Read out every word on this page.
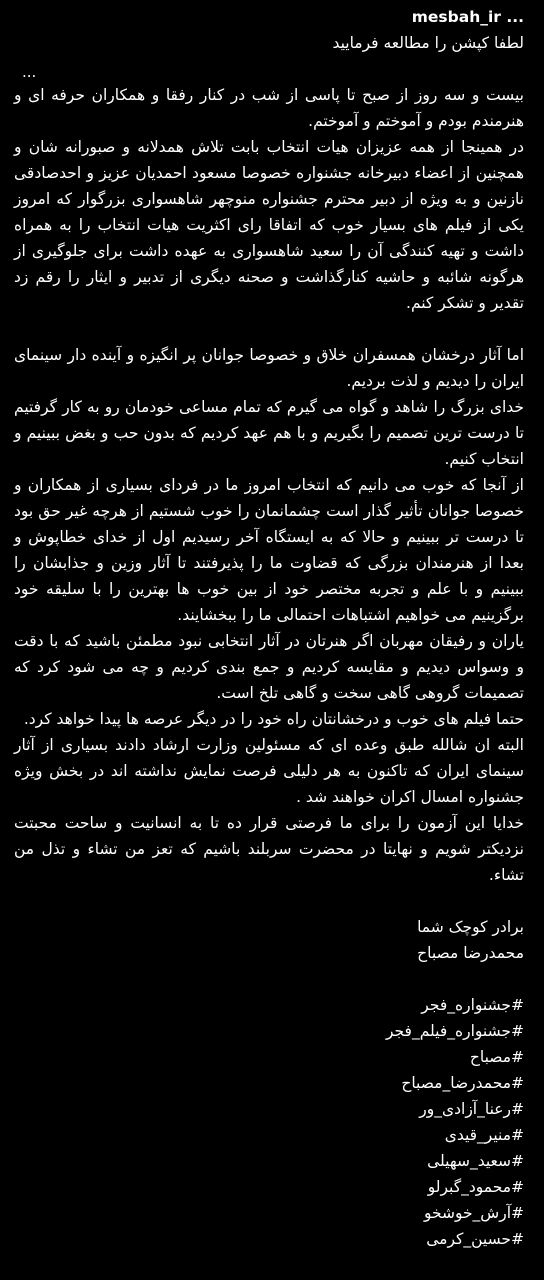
mesbah_ir ...

لطفا کپشن را مطالعه فرمایید

...

بیست و سه روز از صبح تا پاسی از شب در کنار رفقا و همکاران حرفه ای و هنرمندم بودم و آموختم و آموختم.

در همینجا از همه عزیزان هیات انتخاب بابت تلاش همدلانه و صبورانه شان و همچنین از اعضاء دبیرخانه جشنواره خصوصا مسعود احمدیان عزیز و احدصادقی نازنین و به ویژه از دبیر محترم جشنواره منوچهر شاهسواری بزرگوار که امروز یکی از فیلم های بسیار خوب که اتفاقا رای اکثریت هیات انتخاب را به همراه داشت و تهیه کنندگی آن را سعید شاهسواری به عهده داشت برای جلوگیری از هرگونه شائبه و حاشیه کنارگذاشت و صحنه دیگری از تدبیر و ایثار را رقم زد تقدیر و تشکر کنم.

اما آثار درخشان همسفران خلاق و خصوصا جوانان پر انگیزه و آینده دار سینمای ایران را دیدیم و لذت بردیم.

خدای بزرگ را شاهد و گواه می گیرم که تمام مساعی خودمان رو به کار گرفتیم تا درست ترین تصمیم را بگیریم و با هم عهد کردیم که بدون حب و بغض ببینیم و انتخاب کنیم.

از آنجا که خوب می دانیم که انتخاب امروز ما در فردای بسیاری از همکاران و خصوصا جوانان تأثیر گذار است چشمانمان را خوب شستیم از هرچه غیر حق بود تا درست تر ببینیم و حالا که به ایستگاه آخر رسیدیم اول از خدای خطاپوش و بعدا از هنرمندان بزرگی که قضاوت ما را پذیرفتند تا آثار وزین و جذابشان را ببینیم و با علم و تجربه مختصر خود از بین خوب ها بهترین را با سلیقه خود برگزینیم می خواهیم اشتباهات احتمالی ما را ببخشایند.

یاران و رفیقان مهربان اگر هنرتان در آثار انتخابی نبود مطمئن باشید که با دقت و وسواس دیدیم و مقایسه کردیم و جمع بندی کردیم و چه می شود کرد که تصمیمات گروهی گاهی سخت و گاهی تلخ است.

حتما فیلم های خوب و درخشانتان راه خود را در دیگر عرصه ها پیدا خواهد کرد.

البته ان شالله طبق وعده ای که مسئولین وزارت ارشاد دادند بسیاری از آثار سینمای ایران که تاکنون به هر دلیلی فرصت نمایش نداشته اند در بخش ویژه جشنواره امسال اکران خواهند شد .

خدایا این آزمون را برای ما فرصتی قرار ده تا به انسانیت و ساحت محبتت نزدیکتر شویم و نهایتا در محضرت سربلند باشیم که تعز من تشاء و تذل من تشاء.

برادر کوچک شما

محمدرضا مصباح

#جشنواره_فجر
#جشنواره_فیلم_فجر
#مصباح
#محمدرضا_مصباح
#رعنا_آزادی_ور
#منیر_قیدی
#سعید_سهیلی
#محمود_گبرلو
#آرش_خوشخو
#حسین_کرمی
